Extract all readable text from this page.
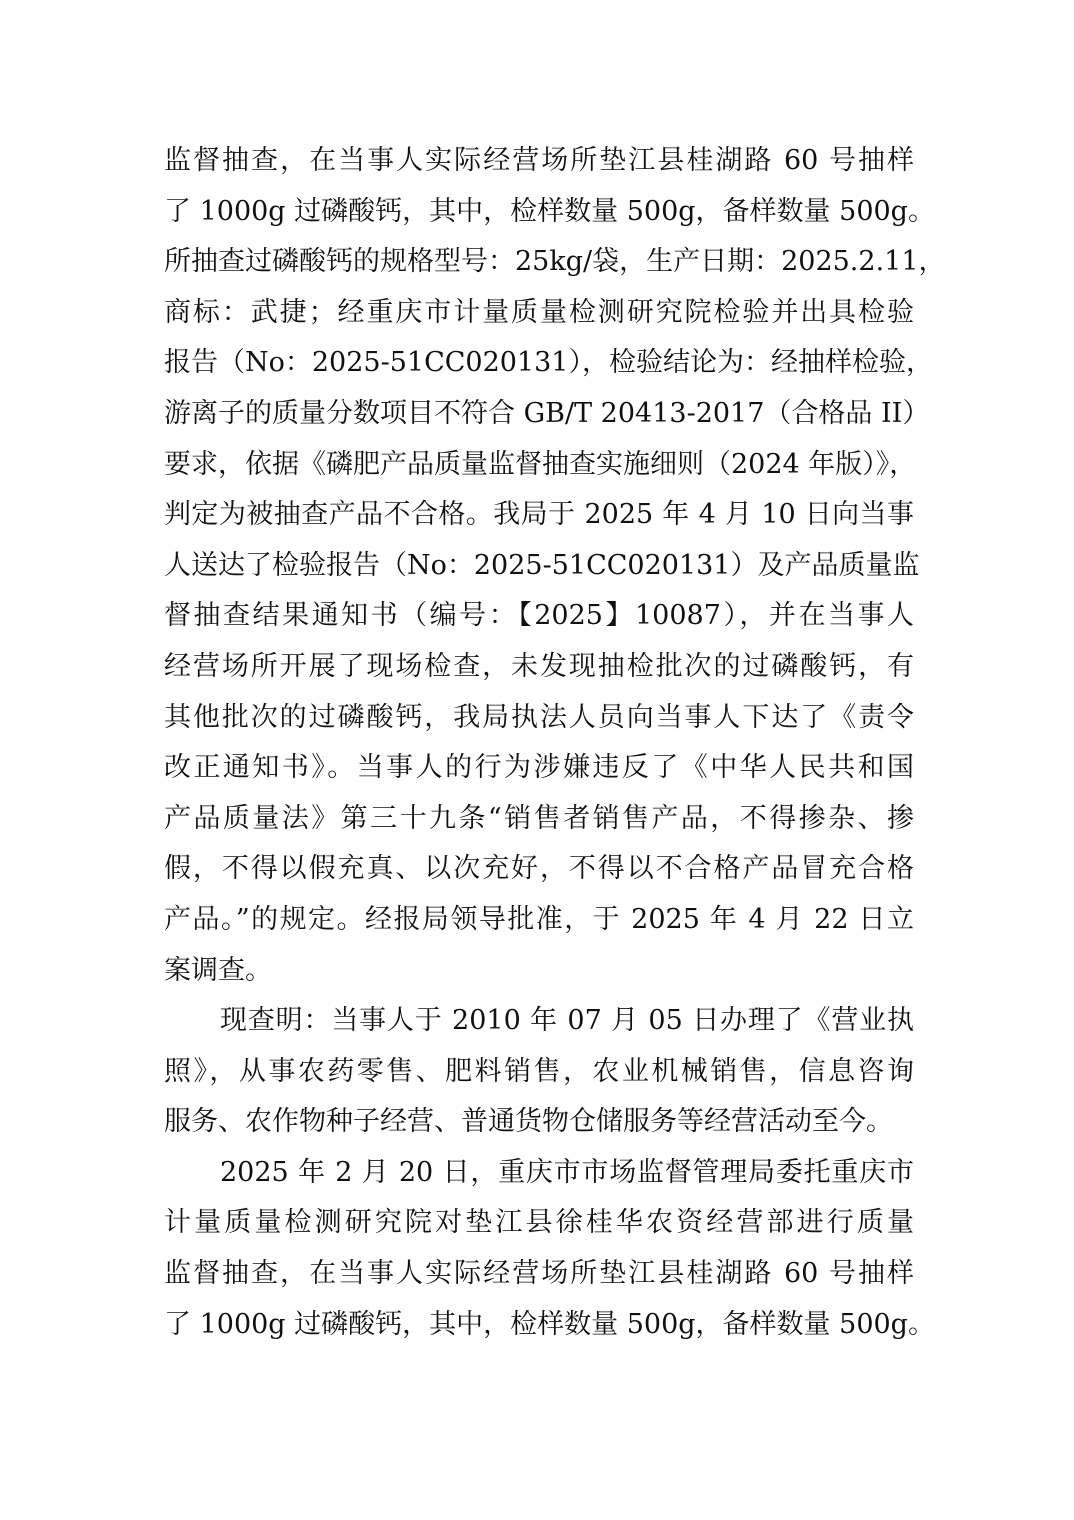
监督抽查，在当事人实际经营场所垫江县桂湖路 60 号抽样
了 1000g 过磷酸钙，其中，检样数量 500g，备样数量 500g。
所抽查过磷酸钙的规格型号：25kg/袋，生产日期：2025.2.11，
商标：武捷；经重庆市计量质量检测研究院检验并出具检验
报告（No：2025-51CC020131），检验结论为：经抽样检验，
游离子的质量分数项目不符合 GB/T 20413-2017（合格品 II）
要求，依据《磷肥产品质量监督抽查实施细则（2024 年版）》，
判定为被抽查产品不合格。我局于 2025 年 4 月 10 日向当事
人送达了检验报告（No：2025-51CC020131）及产品质量监
督抽查结果通知书（编号：【2025】10087），并在当事人
经营场所开展了现场检查，未发现抽检批次的过磷酸钙，有
其他批次的过磷酸钙，我局执法人员向当事人下达了《责令
改正通知书》。当事人的行为涉嫌违反了《中华人民共和国
产品质量法》第三十九条“销售者销售产品，不得掺杂、掺
假，不得以假充真、以次充好，不得以不合格产品冒充合格
产品。”的规定。经报局领导批准，于 2025 年 4 月 22 日立
案调查。
现查明：当事人于 2010 年 07 月 05 日办理了《营业执
照》，从事农药零售、肥料销售，农业机械销售，信息咨询
服务、农作物种子经营、普通货物仓储服务等经营活动至今。
2025 年 2 月 20 日，重庆市市场监督管理局委托重庆市
计量质量检测研究院对垫江县徐桂华农资经营部进行质量
监督抽查，在当事人实际经营场所垫江县桂湖路 60 号抽样
了 1000g 过磷酸钙，其中，检样数量 500g，备样数量 500g。
